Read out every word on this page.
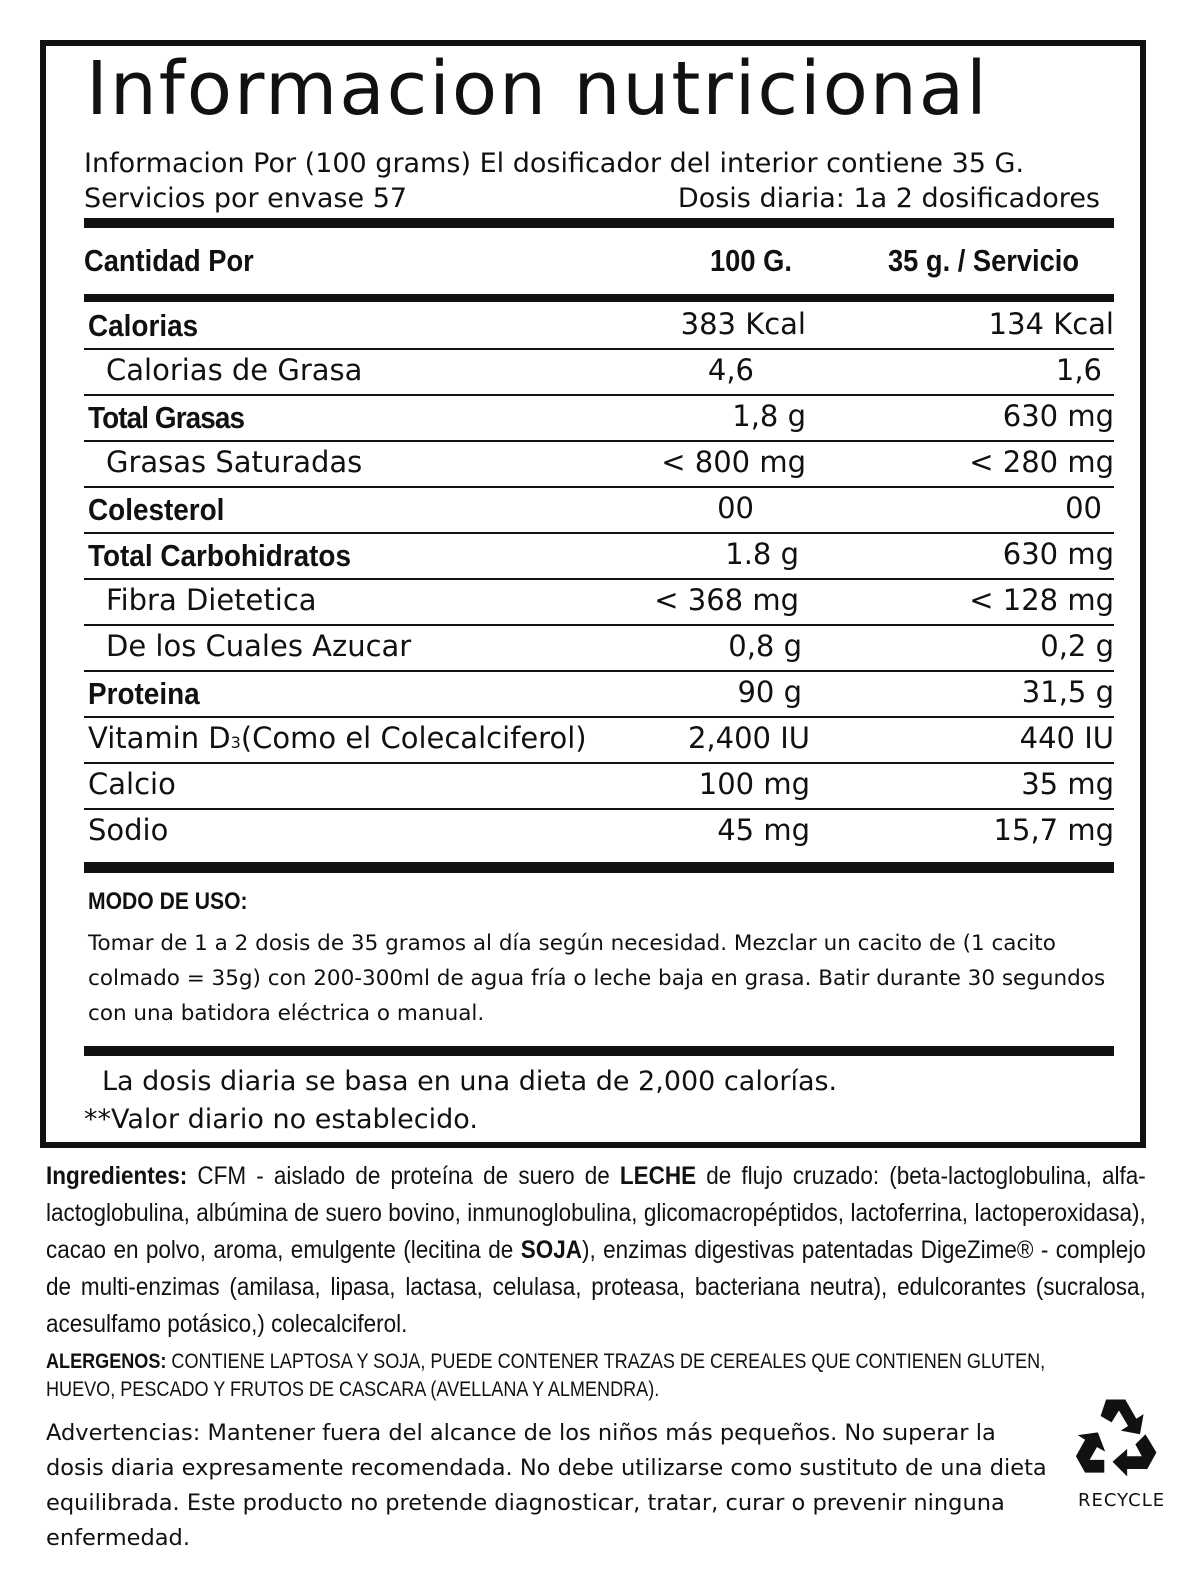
Informacion nutricional
Informacion Por (100 grams) El dosificador del interior contiene 35 G.
Servicios por envase 57	Dosis diaria: 1a 2 dosificadores
Cantidad Por	100 G.	35 g. / Servicio
Calorias	383 Kcal	134 Kcal
Calorias de Grasa	4,6	1,6
Total Grasas	1,8 g	630 mg
Grasas Saturadas	< 800 mg	< 280 mg
Colesterol	00	00
Total Carbohidratos	1.8 g	630 mg
Fibra Dietetica	< 368 mg	< 128 mg
De los Cuales Azucar	0,8 g	0,2 g
Proteina	90 g	31,5 g
Vitamin D3(Como el Colecalciferol)	2,400 IU	440 IU
Calcio	100 mg	35 mg
Sodio	45 mg	15,7 mg
MODO DE USO:
Tomar de 1 a 2 dosis de 35 gramos al día según necesidad. Mezclar un cacito de (1 cacito colmado = 35g) con 200-300ml de agua fría o leche baja en grasa. Batir durante 30 segundos con una batidora eléctrica o manual.
La dosis diaria se basa en una dieta de 2,000 calorías.
**Valor diario no establecido.
Ingredientes: CFM - aislado de proteína de suero de LECHE de flujo cruzado: (beta-lactoglobulina, alfa-lactoglobulina, albúmina de suero bovino, inmunoglobulina, glicomacropéptidos, lactoferrina, lactoperoxidasa), cacao en polvo, aroma, emulgente (lecitina de SOJA), enzimas digestivas patentadas DigeZime® - complejo de multi-enzimas (amilasa, lipasa, lactasa, celulasa, proteasa, bacteriana neutra), edulcorantes (sucralosa, acesulfamo potásico,) colecalciferol.
ALERGENOS: CONTIENE LAPTOSA Y SOJA, PUEDE CONTENER TRAZAS DE CEREALES QUE CONTIENEN GLUTEN, HUEVO, PESCADO Y FRUTOS DE CASCARA (AVELLANA Y ALMENDRA).
Advertencias: Mantener fuera del alcance de los niños más pequeños. No superar la dosis diaria expresamente recomendada. No debe utilizarse como sustituto de una dieta equilibrada. Este producto no pretende diagnosticar, tratar, curar o prevenir ninguna enfermedad.
RECYCLE
